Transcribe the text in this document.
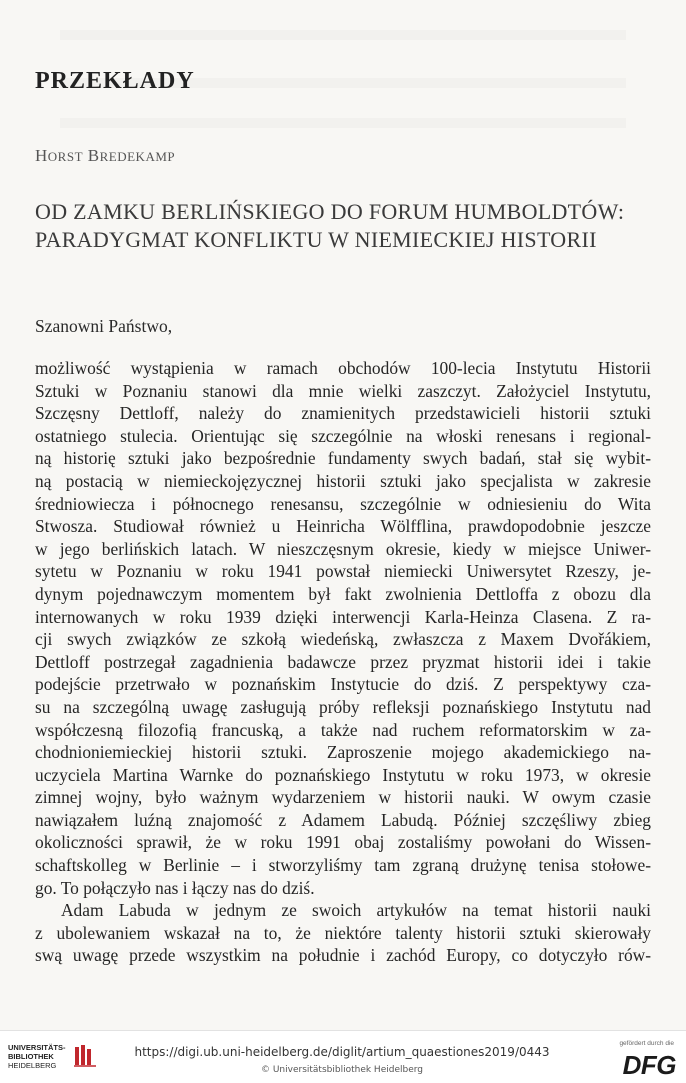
PRZEKŁADY
HORST BREDEKAMP
OD ZAMKU BERLIŃSKIEGO DO FORUM HUMBOLDTÓW:
PARADYGMAT KONFLIKTU W NIEMIECKIEJ HISTORII
Szanowni Państwo,
możliwość wystąpienia w ramach obchodów 100-lecia Instytutu Historii
Sztuki w Poznaniu stanowi dla mnie wielki zaszczyt. Założyciel Instytutu,
Szczęsny Dettloff, należy do znamienitych przedstawicieli historii sztuki
ostatniego stulecia. Orientując się szczególnie na włoski renesans i regional-
ną historię sztuki jako bezpośrednie fundamenty swych badań, stał się wybit-
ną postacią w niemieckojęzycznej historii sztuki jako specjalista w zakresie
średniowiecza i północnego renesansu, szczególnie w odniesieniu do Wita
Stwosza. Studiował również u Heinricha Wölfflina, prawdopodobnie jeszcze
w jego berlińskich latach. W nieszczęsnym okresie, kiedy w miejsce Uniwer-
sytetu w Poznaniu w roku 1941 powstał niemiecki Uniwersytet Rzeszy, je-
dynym pojednawczym momentem był fakt zwolnienia Dettloffa z obozu dla
internowanych w roku 1939 dzięki interwencji Karla-Heinza Clasena. Z ra-
cji swych związków ze szkołą wiedeńską, zwłaszcza z Maxem Dvořákiem,
Dettloff postrzegał zagadnienia badawcze przez pryzmat historii idei i takie
podejście przetrwało w poznańskim Instytucie do dziś. Z perspektywy cza-
su na szczególną uwagę zasługują próby refleksji poznańskiego Instytutu nad
współczesną filozofią francuską, a także nad ruchem reformatorskim w za-
chodnioniemieckiej historii sztuki. Zaproszenie mojego akademickiego na-
uczyciela Martina Warnke do poznańskiego Instytutu w roku 1973, w okresie
zimnej wojny, było ważnym wydarzeniem w historii nauki. W owym czasie
nawiązałem luźną znajomość z Adamem Labudą. Później szczęśliwy zbieg
okoliczności sprawił, że w roku 1991 obaj zostaliśmy powołani do Wissen-
schaftskolleg w Berlinie – i stworzyliśmy tam zgraną drużynę tenisa stołowe-
go. To połączyło nas i łączy nas do dziś.
Adam Labuda w jednym ze swoich artykułów na temat historii nauki
z ubolewaniem wskazał na to, że niektóre talenty historii sztuki skierowały
swą uwagę przede wszystkim na południe i zachód Europy, co dotyczyło rów-
UNIVERSITÄTS-
BIBLIOTHEK
HEIDELBERG
https://digi.ub.uni-heidelberg.de/diglit/artium_quaestiones2019/0443
© Universitätsbibliothek Heidelberg
gefördert durch die
DFG
